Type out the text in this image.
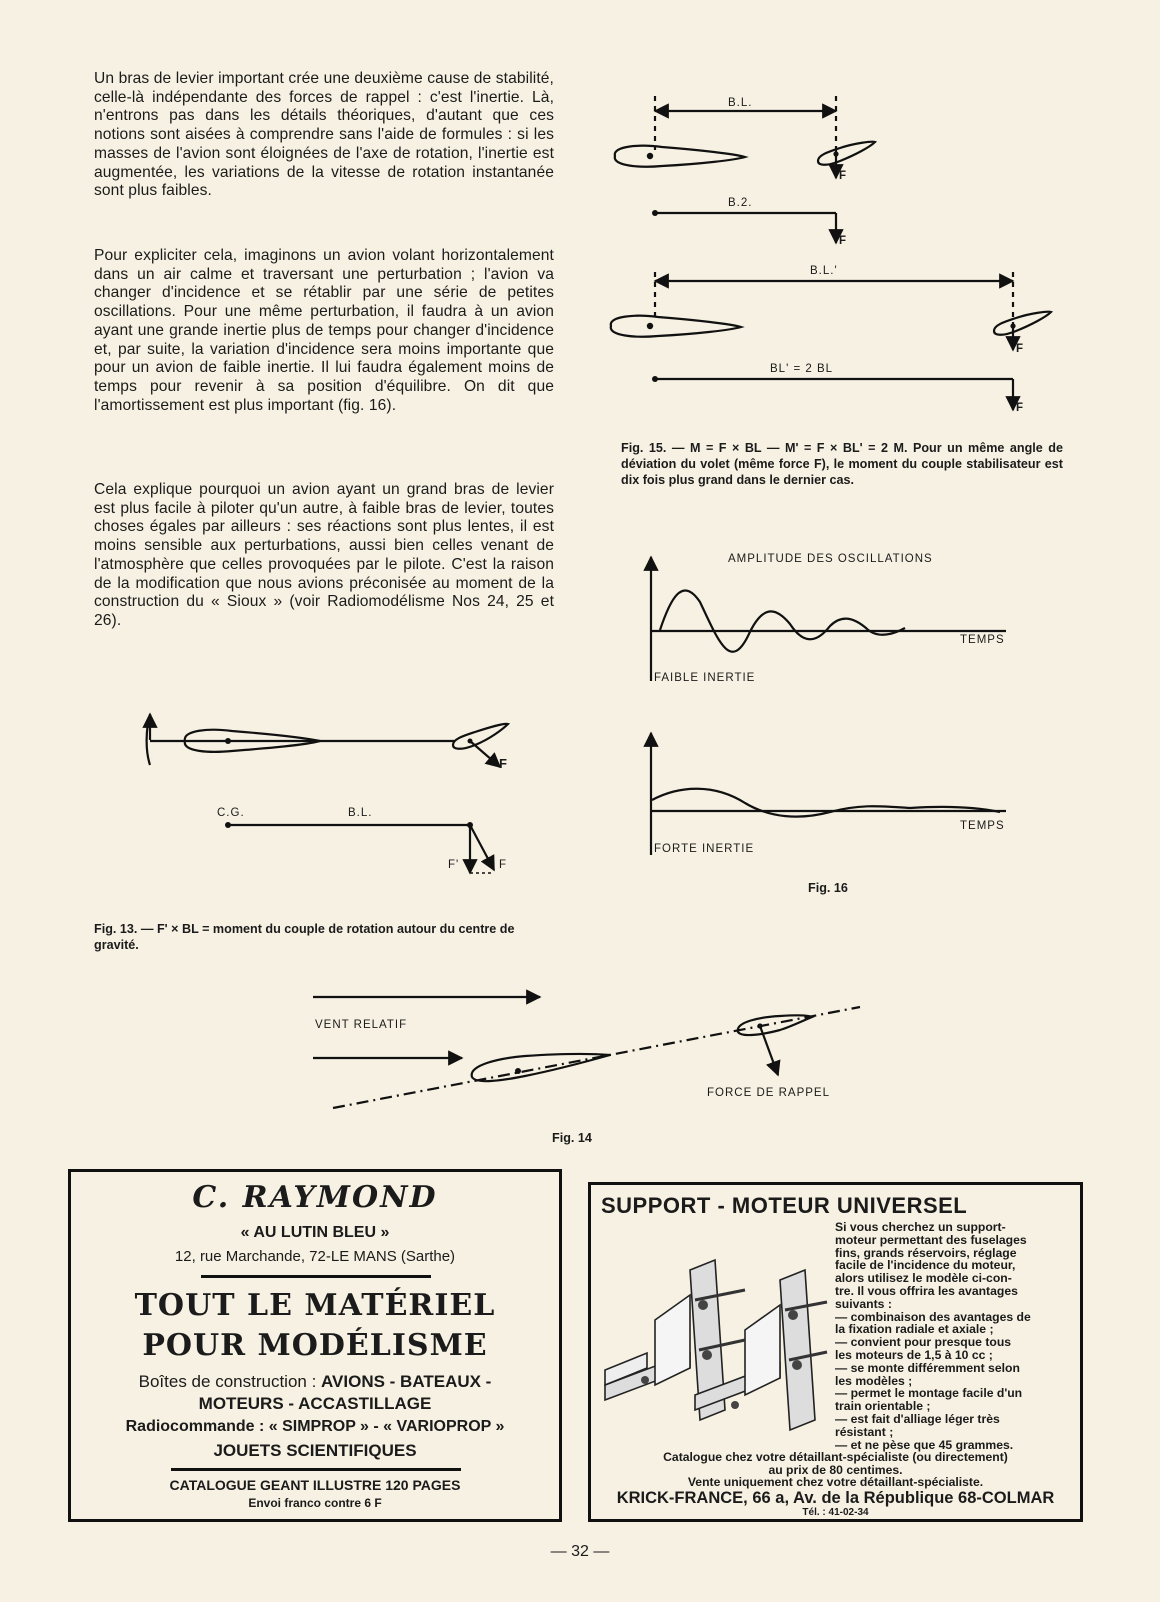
Un bras de levier important crée une deuxième cause de stabilité, celle-là indépendante des forces de rappel : c'est l'inertie. Là, n'entrons pas dans les détails théoriques, d'autant que ces notions sont aisées à comprendre sans l'aide de formules : si les masses de l'avion sont éloignées de l'axe de rotation, l'inertie est augmentée, les variations de la vitesse de rotation instantanée sont plus faibles.
Pour expliciter cela, imaginons un avion volant horizontalement dans un air calme et traversant une perturbation ; l'avion va changer d'incidence et se rétablir par une série de petites oscillations. Pour une même perturbation, il faudra à un avion ayant une grande inertie plus de temps pour changer d'incidence et, par suite, la variation d'incidence sera moins importante que pour un avion de faible inertie. Il lui faudra également moins de temps pour revenir à sa position d'équilibre. On dit que l'amortissement est plus important (fig. 16).
Cela explique pourquoi un avion ayant un grand bras de levier est plus facile à piloter qu'un autre, à faible bras de levier, toutes choses égales par ailleurs : ses réactions sont plus lentes, il est moins sensible aux perturbations, aussi bien celles venant de l'atmosphère que celles provoquées par le pilote. C'est la raison de la modification que nous avions préconisée au moment de la construction du « Sioux » (voir Radiomodélisme Nos 24, 25 et 26).
B.L.
F
B.2.
F
B.L.'
F
BL' = 2 BL
F
Fig. 15. — M = F × BL — M' = F × BL' = 2 M. Pour un même angle de déviation du volet (même force F), le moment du couple stabilisateur est dix fois plus grand dans le dernier cas.
AMPLITUDE DES OSCILLATIONS
TEMPS
FAIBLE INERTIE
TEMPS
FORTE INERTIE
Fig. 16
F
C.G.	B.L.
F'	F
Fig. 13. — F' × BL = moment du couple de rotation autour du centre de gravité.
VENT RELATIF
FORCE DE RAPPEL
Fig. 14
C. RAYMOND
« AU LUTIN BLEU »
12, rue Marchande, 72-LE MANS (Sarthe)
TOUT LE MATÉRIEL
POUR MODÉLISME
Boîtes de construction : AVIONS - BATEAUX -
MOTEURS - ACCASTILLAGE
Radiocommande : « SIMPROP » - « VARIOPROP »
JOUETS SCIENTIFIQUES
CATALOGUE GEANT ILLUSTRE 120 PAGES
Envoi franco contre 6 F
SUPPORT - MOTEUR UNIVERSEL
Si vous cherchez un support-
moteur permettant des fuselages
fins, grands réservoirs, réglage
facile de l'incidence du moteur,
alors utilisez le modèle ci-con-
tre. Il vous offrira les avantages
suivants :
— combinaison des avantages de
la fixation radiale et axiale ;
— convient pour presque tous
les moteurs de 1,5 à 10 cc ;
— se monte différemment selon
les modèles ;
— permet le montage facile d'un
train orientable ;
— est fait d'alliage léger très
résistant ;
— et ne pèse que 45 grammes.
Catalogue chez votre détaillant-spécialiste (ou directement)
au prix de 80 centimes.
Vente uniquement chez votre détaillant-spécialiste.
KRICK-FRANCE, 66 a, Av. de la République 68-COLMAR
Tél. : 41-02-34
— 32 —
